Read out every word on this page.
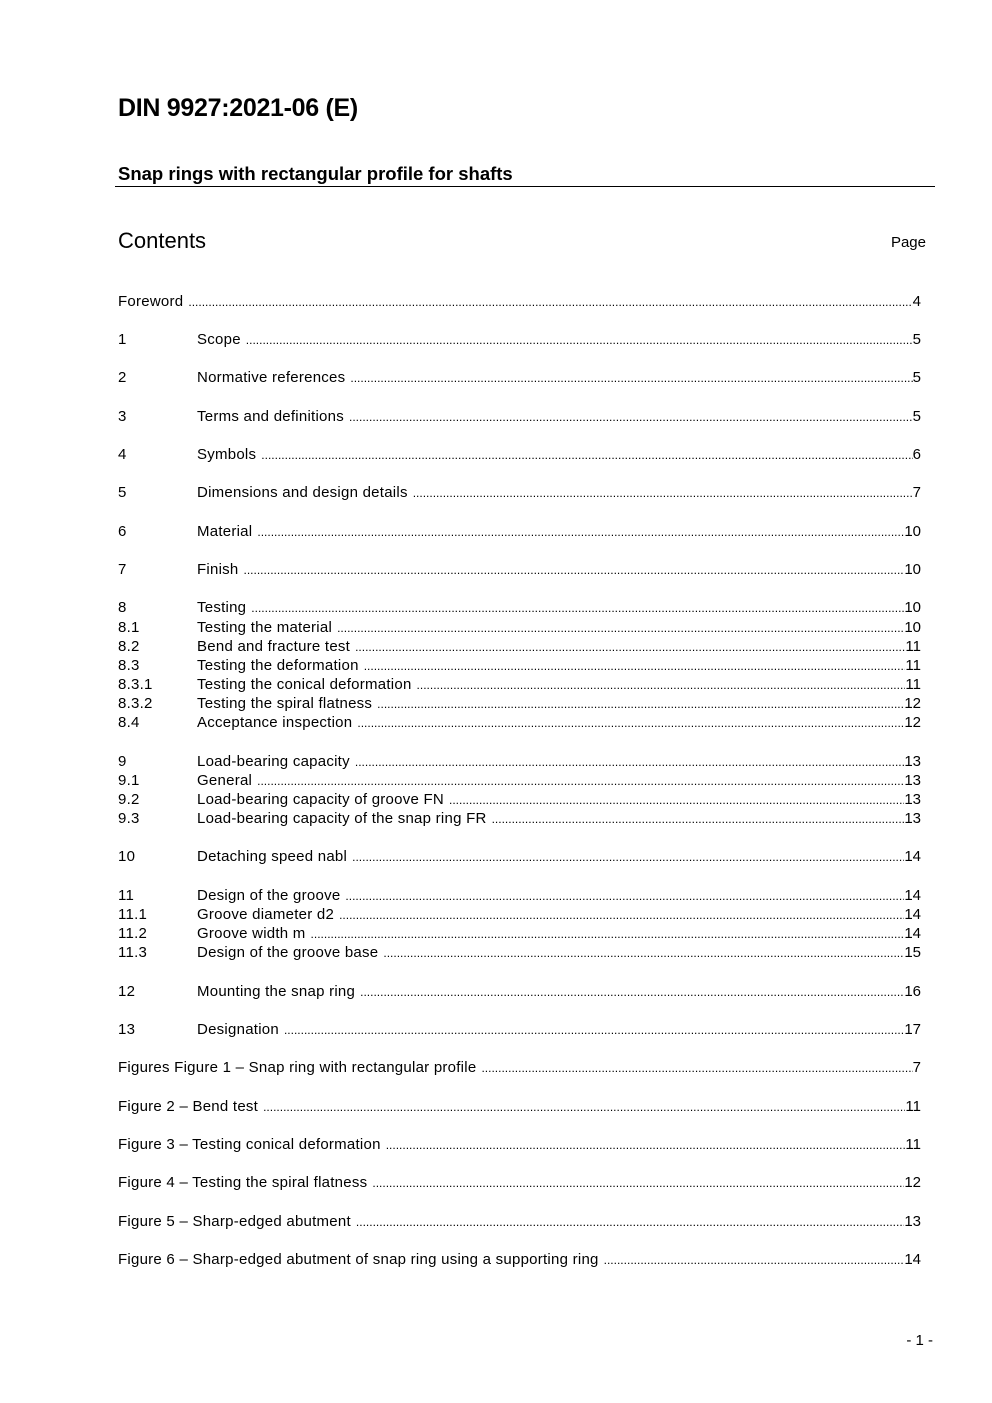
DIN 9927:2021-06 (E)
Snap rings with rectangular profile for shafts
Contents	Page
Foreword .....	4
1	Scope .....	5
2	Normative references .....	5
3	Terms and definitions .....	5
4	Symbols .....	6
5	Dimensions and design details .....	7
6	Material .....	10
7	Finish .....	10
8	Testing .....	10
8.1	Testing the material .....	10
8.2	Bend and fracture test .....	11
8.3	Testing the deformation .....	11
8.3.1	Testing the conical deformation .....	11
8.3.2	Testing the spiral flatness .....	12
8.4	Acceptance inspection .....	12
9	Load-bearing capacity .....	13
9.1	General .....	13
9.2	Load-bearing capacity of groove FN .....	13
9.3	Load-bearing capacity of the snap ring FR .....	13
10	Detaching speed nabl .....	14
11	Design of the groove .....	14
11.1	Groove diameter d2 .....	14
11.2	Groove width m .....	14
11.3	Design of the groove base .....	15
12	Mounting the snap ring .....	16
13	Designation .....	17
Figures Figure 1 – Snap ring with rectangular profile .....	7
Figure 2 – Bend test .....	11
Figure 3 – Testing conical deformation .....	11
Figure 4 – Testing the spiral flatness .....	12
Figure 5 – Sharp-edged abutment .....	13
Figure 6 – Sharp-edged abutment of snap ring using a supporting ring .....	14
- 1 -
